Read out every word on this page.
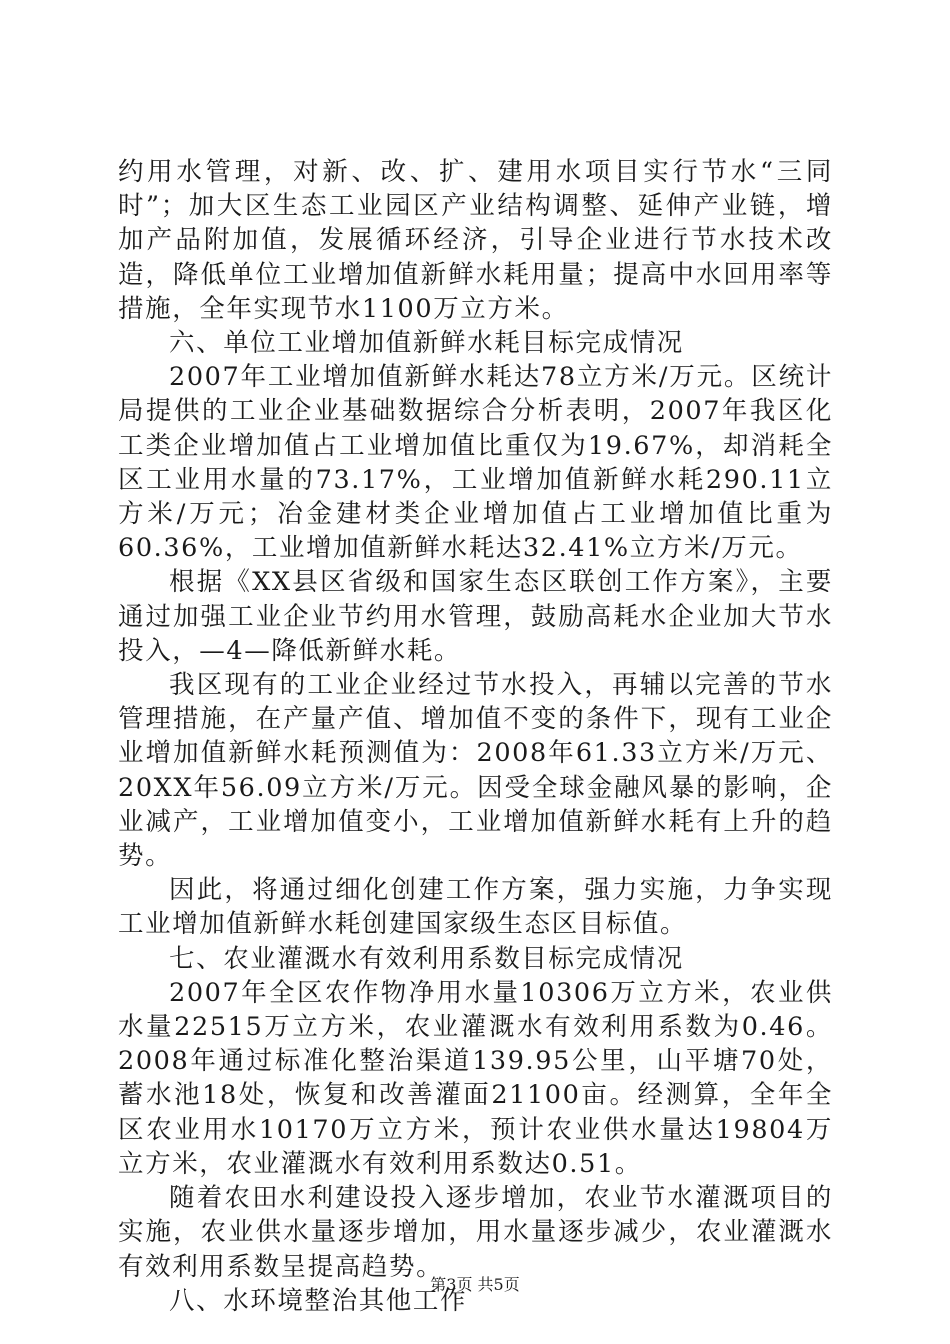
约用水管理，对新、改、扩、建用水项目实行节水“三同时”；加大区生态工业园区产业结构调整、延伸产业链，增加产品附加值，发展循环经济，引导企业进行节水技术改造，降低单位工业增加值新鲜水耗用量；提高中水回用率等措施，全年实现节水1100万立方米。

六、单位工业增加值新鲜水耗目标完成情况

2007年工业增加值新鲜水耗达78立方米/万元。区统计局提供的工业企业基础数据综合分析表明，2007年我区化工类企业增加值占工业增加值比重仅为19.67%，却消耗全区工业用水量的73.17%，工业增加值新鲜水耗290.11立方米/万元；冶金建材类企业增加值占工业增加值比重为60.36%，工业增加值新鲜水耗达32.41%立方米/万元。

根据《XX县区省级和国家生态区联创工作方案》，主要通过加强工业企业节约用水管理，鼓励高耗水企业加大节水投入，—4—降低新鲜水耗。

我区现有的工业企业经过节水投入，再辅以完善的节水管理措施，在产量产值、增加值不变的条件下，现有工业企业增加值新鲜水耗预测值为：2008年61.33立方米/万元、20XX年56.09立方米/万元。因受全球金融风暴的影响，企业减产，工业增加值变小，工业增加值新鲜水耗有上升的趋势。

因此，将通过细化创建工作方案，强力实施，力争实现工业增加值新鲜水耗创建国家级生态区目标值。

七、农业灌溉水有效利用系数目标完成情况

2007年全区农作物净用水量10306万立方米，农业供水量22515万立方米，农业灌溉水有效利用系数为0.46。2008年通过标准化整治渠道139.95公里，山平塘70处，蓄水池18处，恢复和改善灌面21100亩。经测算，全年全区农业用水10170万立方米，预计农业供水量达19804万立方米，农业灌溉水有效利用系数达0.51。

随着农田水利建设投入逐步增加，农业节水灌溉项目的实施，农业供水量逐步增加，用水量逐步减少，农业灌溉水有效利用系数呈提高趋势。

八、水环境整治其他工作

第3页 共5页
